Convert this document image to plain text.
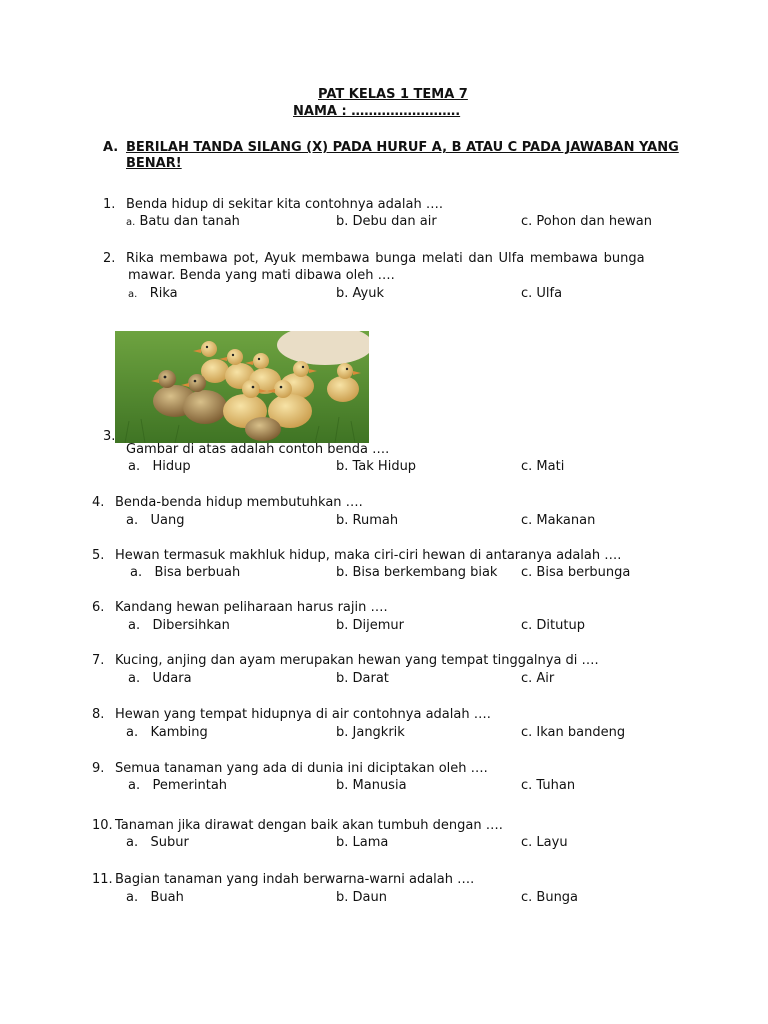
PAT KELAS 1 TEMA 7
NAMA : …………………….
A. BERILAH TANDA SILANG (X) PADA HURUF A, B ATAU C PADA JAWABAN YANG
BENAR!
1. Benda hidup di sekitar kita contohnya adalah ….
a. Batu dan tanah	b. Debu dan air	c. Pohon dan hewan
2. Rika membawa pot, Ayuk membawa bunga melati dan Ulfa membawa bunga
mawar. Benda yang mati dibawa oleh ….
a. Rika	b. Ayuk	c. Ulfa
3.
Gambar di atas adalah contoh benda ….
a.   Hidup	b. Tak Hidup	c. Mati
4. Benda-benda hidup membutuhkan ….
a.   Uang	b. Rumah	c. Makanan
5. Hewan termasuk makhluk hidup, maka ciri-ciri hewan di antaranya adalah ….
a.   Bisa berbuah	b. Bisa berkembang biak c. Bisa berbunga
6. Kandang hewan peliharaan harus rajin ….
a.   Dibersihkan	b. Dijemur	c. Ditutup
7. Kucing, anjing dan ayam merupakan hewan yang tempat tinggalnya di ….
a.   Udara	b. Darat	c. Air
8. Hewan yang tempat hidupnya di air contohnya adalah ….
a.   Kambing	b. Jangkrik	c. Ikan bandeng
9. Semua tanaman yang ada di dunia ini diciptakan oleh ….
a.   Pemerintah	b. Manusia	c. Tuhan
10. Tanaman jika dirawat dengan baik akan tumbuh dengan ….
a.   Subur	b. Lama	c. Layu
11. Bagian tanaman yang indah berwarna-warni adalah ….
a.   Buah	b. Daun	c. Bunga
